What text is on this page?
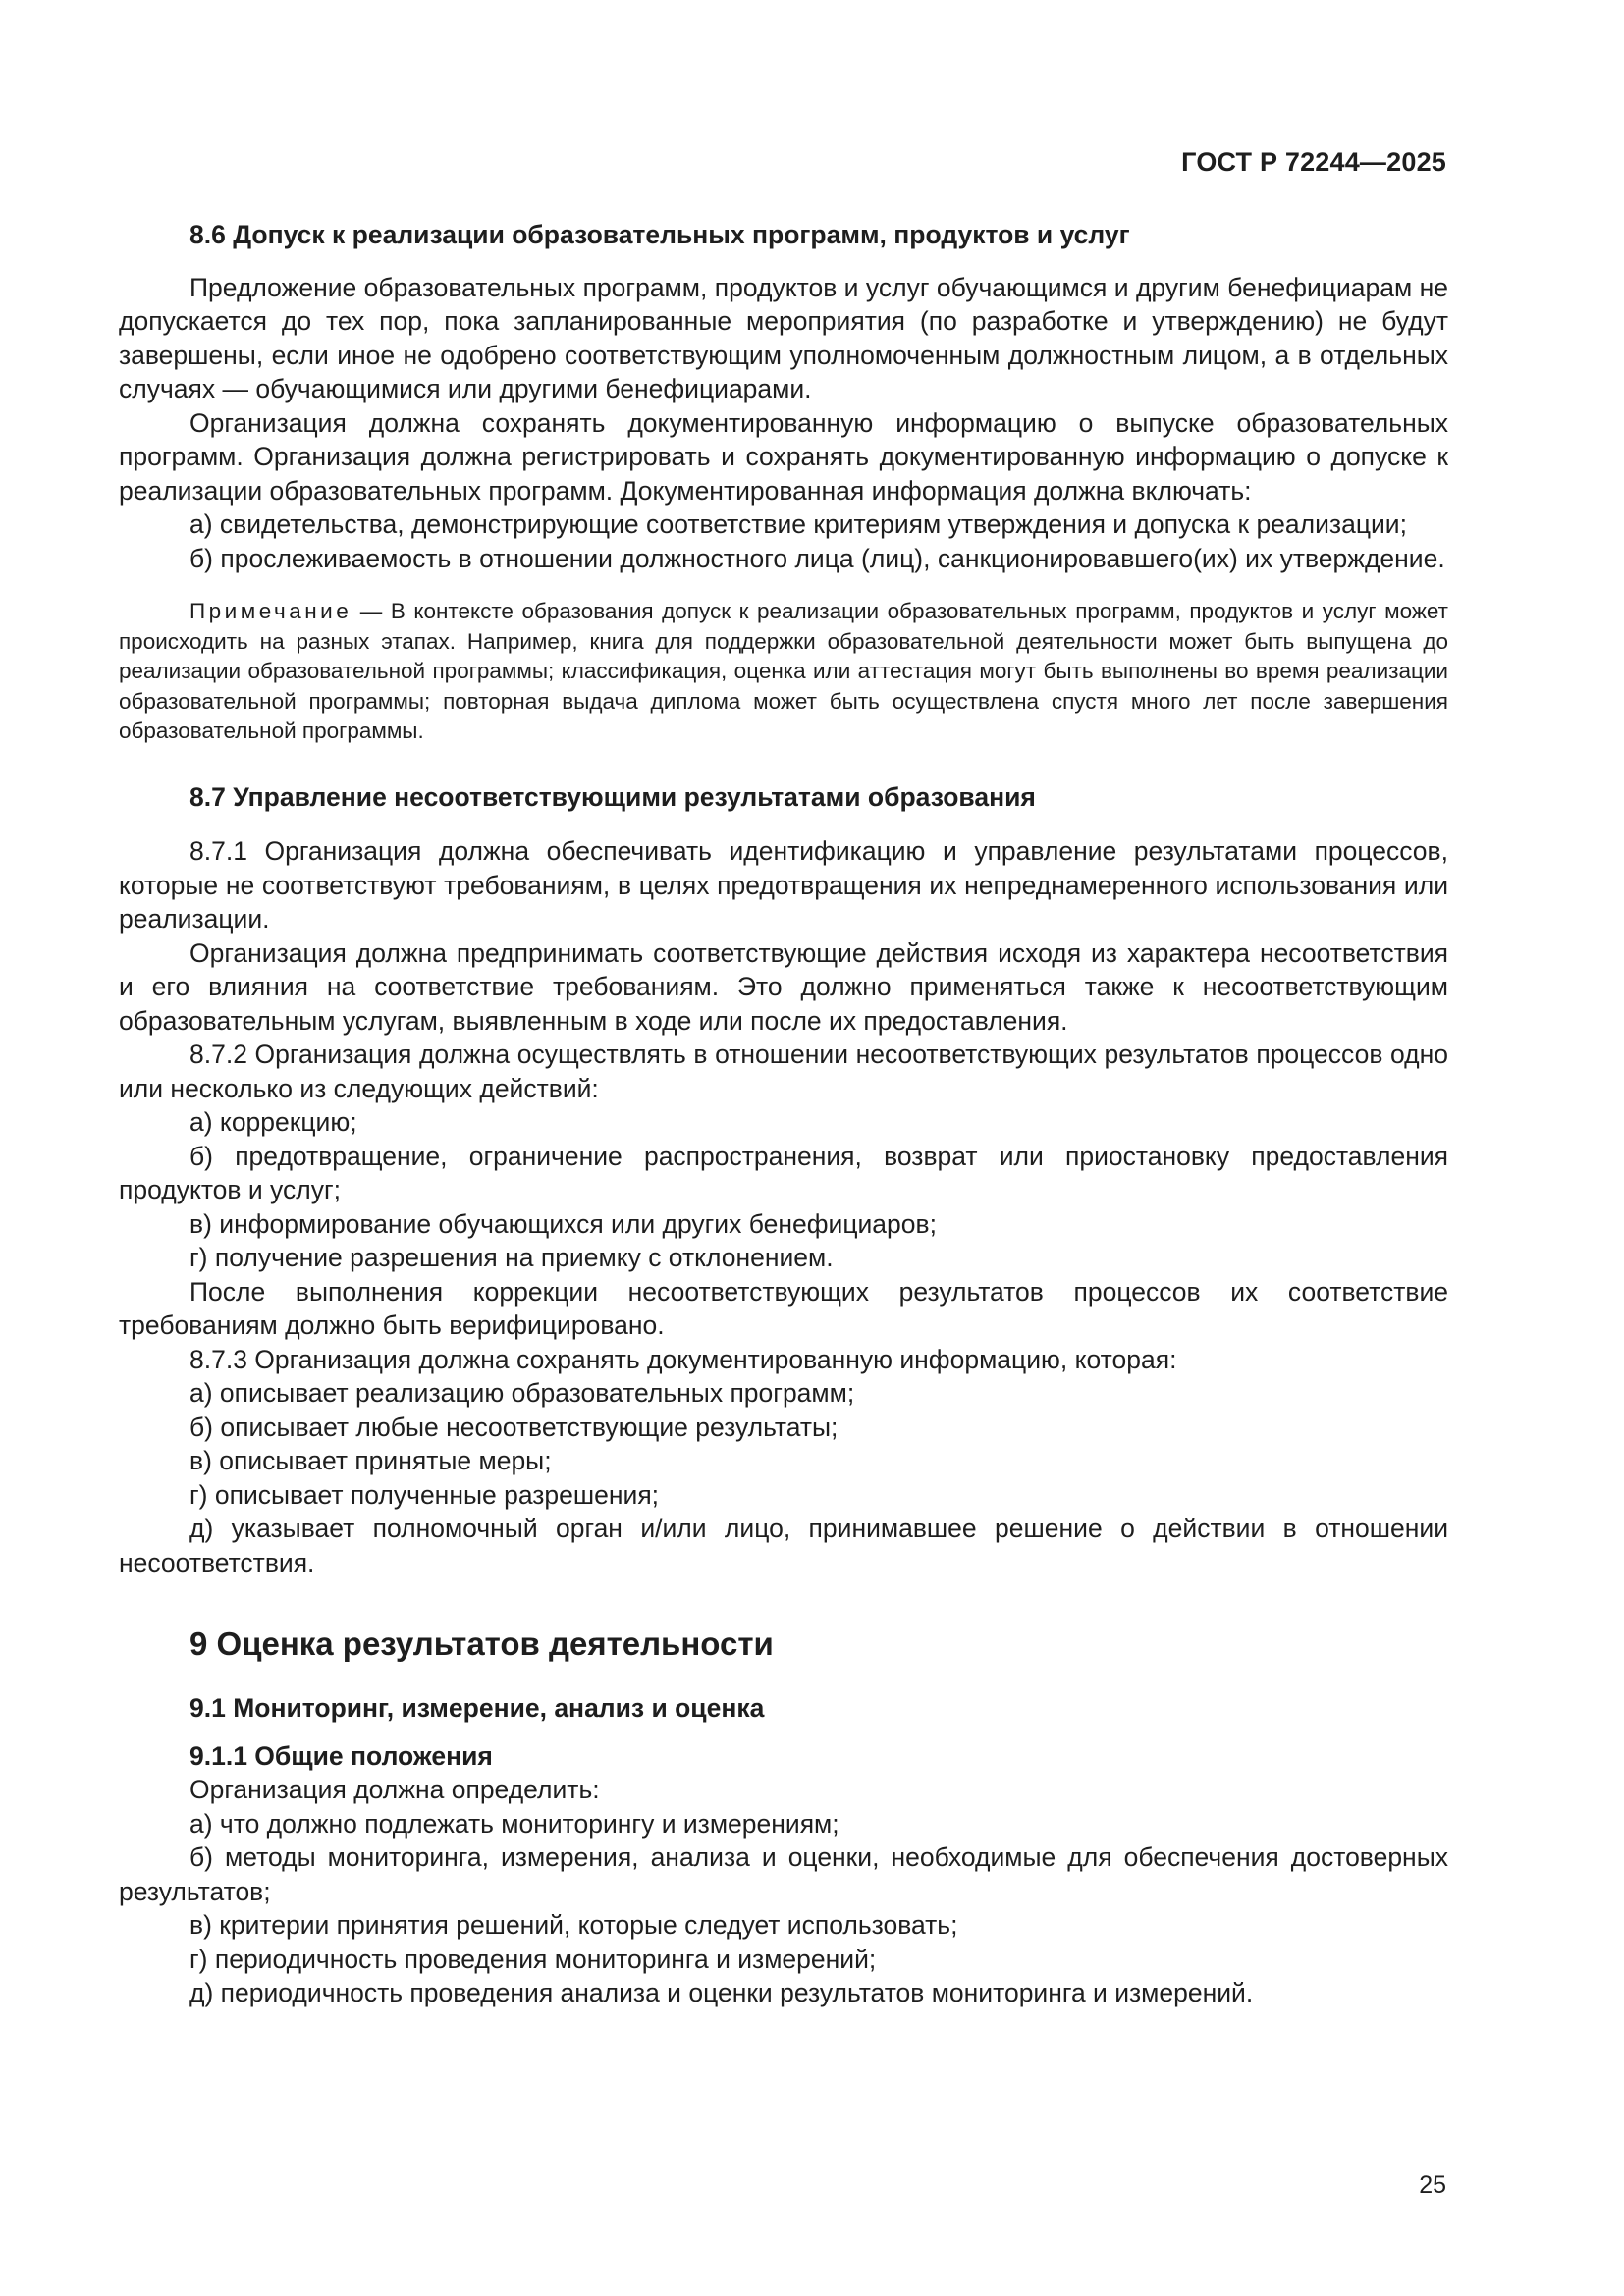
ГОСТ Р 72244—2025
8.6 Допуск к реализации образовательных программ, продуктов и услуг

Предложение образовательных программ, продуктов и услуг обучающимся и другим бенефициарам не допускается до тех пор, пока запланированные мероприятия (по разработке и утверждению) не будут завершены, если иное не одобрено соответствующим уполномоченным должностным лицом, а в отдельных случаях — обучающимися или другими бенефициарами.

Организация должна сохранять документированную информацию о выпуске образовательных программ. Организация должна регистрировать и сохранять документированную информацию о допуске к реализации образовательных программ. Документированная информация должна включать:

а) свидетельства, демонстрирующие соответствие критериям утверждения и допуска к реализации;

б) прослеживаемость в отношении должностного лица (лиц), санкционировавшего(их) их утверждение.

Примечание — В контексте образования допуск к реализации образовательных программ, продуктов и услуг может происходить на разных этапах. Например, книга для поддержки образовательной деятельности может быть выпущена до реализации образовательной программы; классификация, оценка или аттестация могут быть выполнены во время реализации образовательной программы; повторная выдача диплома может быть осуществлена спустя много лет после завершения образовательной программы.

8.7 Управление несоответствующими результатами образования

8.7.1 Организация должна обеспечивать идентификацию и управление результатами процессов, которые не соответствуют требованиям, в целях предотвращения их непреднамеренного использования или реализации.

Организация должна предпринимать соответствующие действия исходя из характера несоответствия и его влияния на соответствие требованиям. Это должно применяться также к несоответствующим образовательным услугам, выявленным в ходе или после их предоставления.

8.7.2 Организация должна осуществлять в отношении несоответствующих результатов процессов одно или несколько из следующих действий:

а) коррекцию;

б) предотвращение, ограничение распространения, возврат или приостановку предоставления продуктов и услуг;

в) информирование обучающихся или других бенефициаров;

г) получение разрешения на приемку с отклонением.

После выполнения коррекции несоответствующих результатов процессов их соответствие требованиям должно быть верифицировано.

8.7.3 Организация должна сохранять документированную информацию, которая:

а) описывает реализацию образовательных программ;

б) описывает любые несоответствующие результаты;

в) описывает принятые меры;

г) описывает полученные разрешения;

д) указывает полномочный орган и/или лицо, принимавшее решение о действии в отношении несоответствия.

9 Оценка результатов деятельности
9.1 Мониторинг, измерение, анализ и оценка
9.1.1 Общие положения

Организация должна определить:

а) что должно подлежать мониторингу и измерениям;

б) методы мониторинга, измерения, анализа и оценки, необходимые для обеспечения достоверных результатов;

в) критерии принятия решений, которые следует использовать;

г) периодичность проведения мониторинга и измерений;

д) периодичность проведения анализа и оценки результатов мониторинга и измерений.

25
